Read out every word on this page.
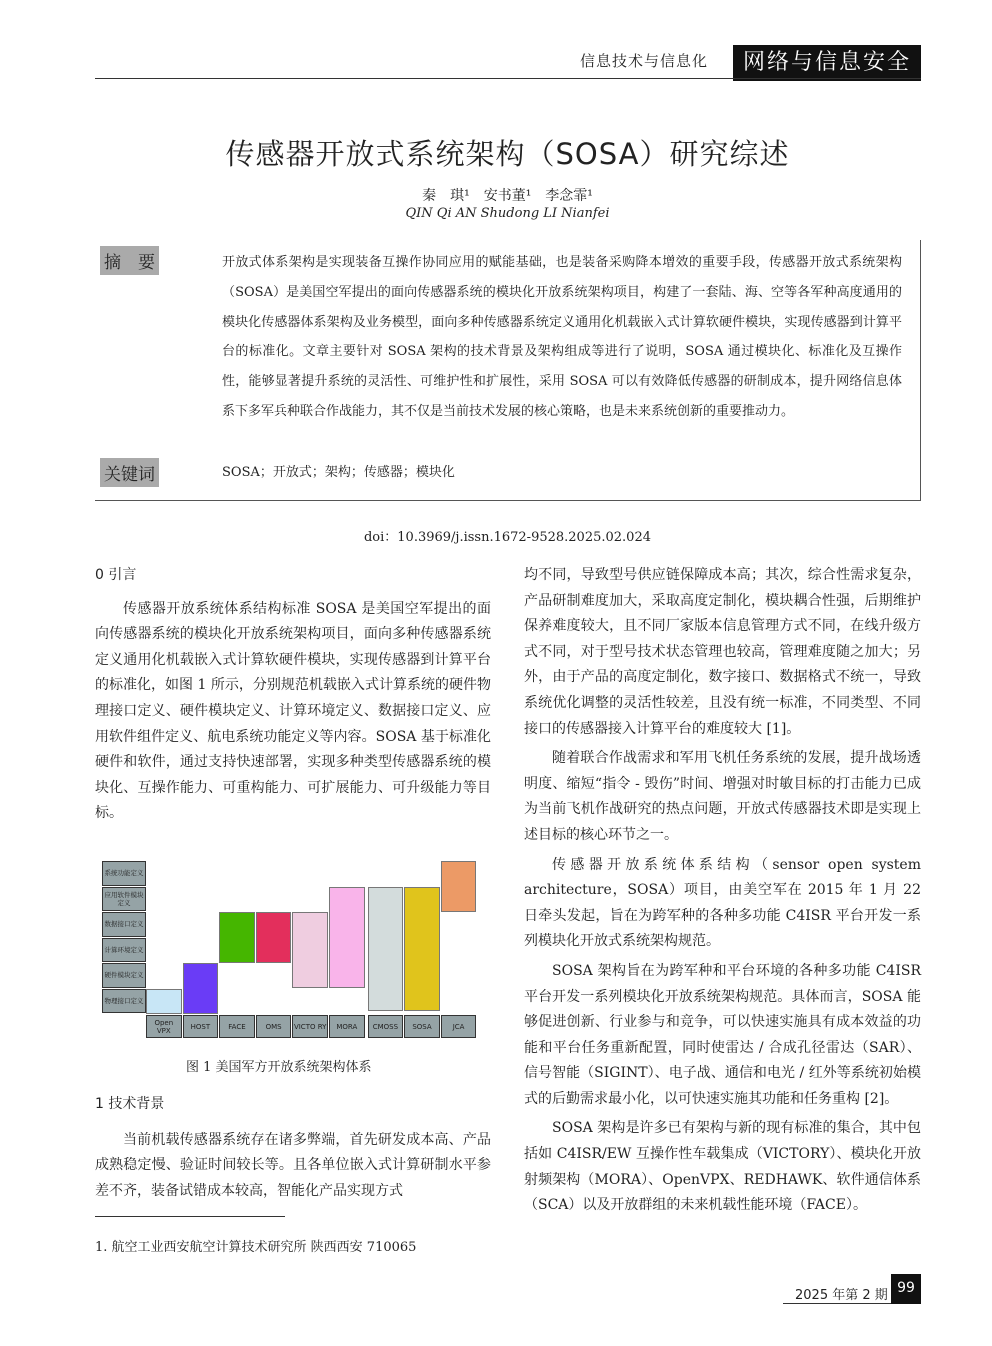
信息技术与信息化	网络与信息安全
传感器开放式系统架构（SOSA）研究综述
秦　琪¹　安书董¹　李念霏¹
QIN Qi AN Shudong LI Nianfei
摘　要	开放式体系架构是实现装备互操作协同应用的赋能基础，也是装备采购降本增效的重要手段，传感器开放式系统架构（SOSA）是美国空军提出的面向传感器系统的模块化开放系统架构项目，构建了一套陆、海、空等各军种高度通用的模块化传感器体系架构及业务模型，面向多种传感器系统定义通用化机载嵌入式计算软硬件模块，实现传感器到计算平台的标准化。文章主要针对 SOSA 架构的技术背景及架构组成等进行了说明，SOSA 通过模块化、标准化及互操作性，能够显著提升系统的灵活性、可维护性和扩展性，采用 SOSA 可以有效降低传感器的研制成本，提升网络信息体系下多军兵种联合作战能力，其不仅是当前技术发展的核心策略，也是未来系统创新的重要推动力。
关键词	SOSA；开放式；架构；传感器；模块化
doi：10.3969/j.issn.1672-9528.2025.02.024

0 引言

传感器开放系统体系结构标准 SOSA 是美国空军提出的面向传感器系统的模块化开放系统架构项目，面向多种传感器系统定义通用化机载嵌入式计算软硬件模块，实现传感器到计算平台的标准化，如图 1 所示，分别规范机载嵌入式计算系统的硬件物理接口定义、硬件模块定义、计算环境定义、数据接口定义、应用软件组件定义、航电系统功能定义等内容。SOSA 基于标准化硬件和软件，通过支持快速部署，实现多种类型传感器系统的模块化、互操作能力、可重构能力、可扩展能力、可升级能力等目标。

系统功能定义
应用软件模块定义
数据接口定义
计算环境定义
硬件模块定义
物理接口定义
Open VPX	HOST	FACE	OMS	VICTO RY	MORA	CMOSS	SOSA	JCA
图 1 美国军方开放系统架构体系

1 技术背景

当前机载传感器系统存在诸多弊端，首先研发成本高、产品成熟稳定慢、验证时间较长等。且各单位嵌入式计算研制水平参差不齐，装备试错成本较高，智能化产品实现方式

1. 航空工业西安航空计算技术研究所 陕西西安 710065

均不同，导致型号供应链保障成本高；其次，综合性需求复杂，产品研制难度加大，采取高度定制化，模块耦合性强，后期维护保养难度较大，且不同厂家版本信息管理方式不同，在线升级方式不同，对于型号技术状态管理也较高，管理难度随之加大；另外，由于产品的高度定制化，数字接口、数据格式不统一，导致系统优化调整的灵活性较差，且没有统一标准，不同类型、不同接口的传感器接入计算平台的难度较大 [1]。

随着联合作战需求和军用飞机任务系统的发展，提升战场透明度、缩短“指令 - 毁伤”时间、增强对时敏目标的打击能力已成为当前飞机作战研究的热点问题，开放式传感器技术即是实现上述目标的核心环节之一。

传感器开放系统体系结构（sensor open system architecture，SOSA）项目，由美空军在 2015 年 1 月 22 日牵头发起，旨在为跨军种的各种多功能 C4ISR 平台开发一系列模块化开放式系统架构规范。

SOSA 架构旨在为跨军种和平台环境的各种多功能 C4ISR 平台开发一系列模块化开放系统架构规范。具体而言，SOSA 能够促进创新、行业参与和竞争，可以快速实施具有成本效益的功能和平台任务重新配置，同时使雷达 / 合成孔径雷达（SAR）、信号智能（SIGINT）、电子战、通信和电光 / 红外等系统初始模式的后勤需求最小化，以可快速实施其功能和任务重构 [2]。

SOSA 架构是许多已有架构与新的现有标准的集合，其中包括如 C4ISR/EW 互操作性车载集成（VICTORY）、模块化开放射频架构（MORA）、OpenVPX、REDHAWK、软件通信体系（SCA）以及开放群组的未来机载性能环境（FACE）。

2025 年第 2 期 99
